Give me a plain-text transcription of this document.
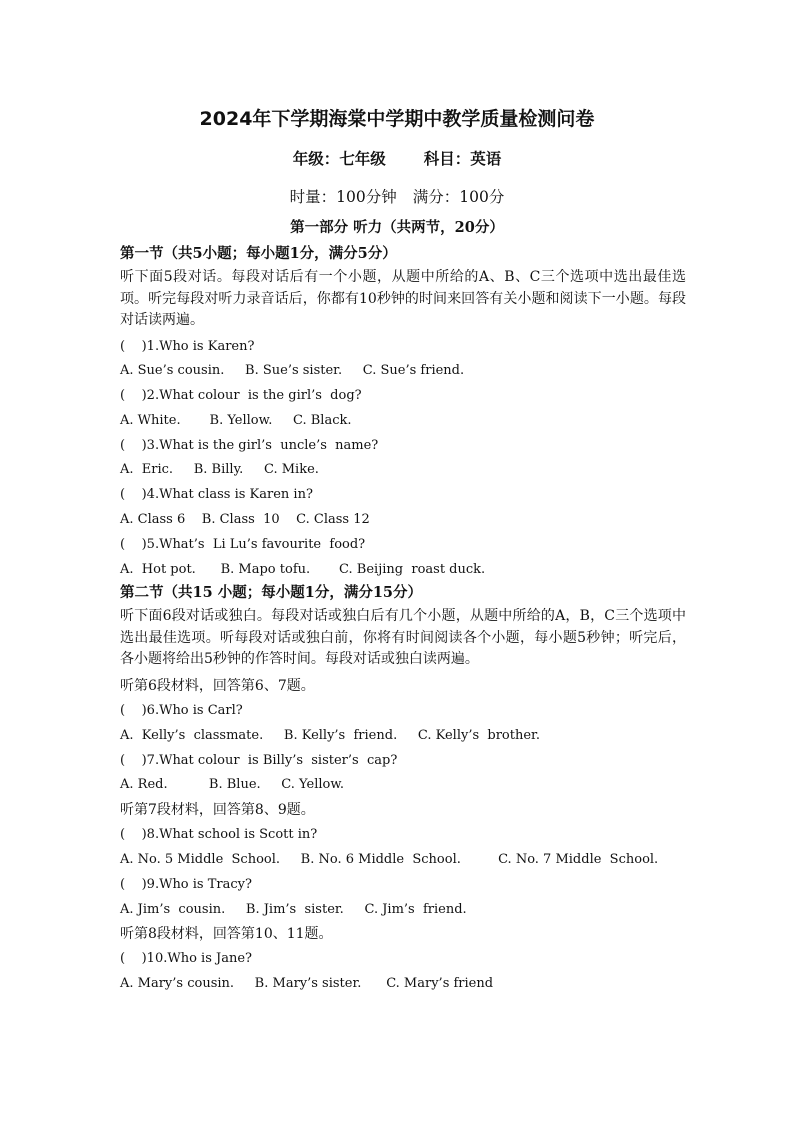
2024年下学期海棠中学期中教学质量检测问卷
年级：七年级 科目：英语
时量：100分钟 满分：100分
第一部分 听力（共两节，20分）
第一节（共5小题；每小题1分，满分5分）
听下面5段对话。每段对话后有一个小题，从题中所给的A、B、C三个选项中选出最佳选项。听完每段对听力录音话后，你都有10秒钟的时间来回答有关小题和阅读下一小题。每段对话读两遍。
(    )1.Who is Karen?
A. Sue’s cousin.     B. Sue’s sister.     C. Sue’s friend.
(    )2.What colour  is the girl’s  dog?
A. White.       B. Yellow.     C. Black.
(    )3.What is the girl’s  uncle’s  name?
A.  Eric.     B. Billy.     C. Mike.
(    )4.What class is Karen in?
A. Class 6    B. Class  10    C. Class 12
(    )5.What’s  Li Lu’s favourite  food?
A.  Hot pot.      B. Mapo tofu.       C. Beijing  roast duck.
第二节（共15 小题；每小题1分，满分15分）
听下面6段对话或独白。每段对话或独白后有几个小题，从题中所给的A，B，C三个选项中选出最佳选项。听每段对话或独白前，你将有时间阅读各个小题，每小题5秒钟；听完后，各小题将给出5秒钟的作答时间。每段对话或独白读两遍。
听第6段材料，回答第6、7题。
(    )6.Who is Carl?
A.  Kelly’s  classmate.     B. Kelly’s  friend.     C. Kelly’s  brother.
(    )7.What colour  is Billy’s  sister’s  cap?
A. Red.          B. Blue.     C. Yellow.
听第7段材料，回答第8、9题。
(    )8.What school is Scott in?
A. No. 5 Middle  School.     B. No. 6 Middle  School.         C. No. 7 Middle  School.
(    )9.Who is Tracy?
A. Jim’s  cousin.     B. Jim’s  sister.     C. Jim’s  friend.
听第8段材料，回答第10、11题。
(    )10.Who is Jane?
A. Mary’s cousin.     B. Mary’s sister.      C. Mary’s friend
